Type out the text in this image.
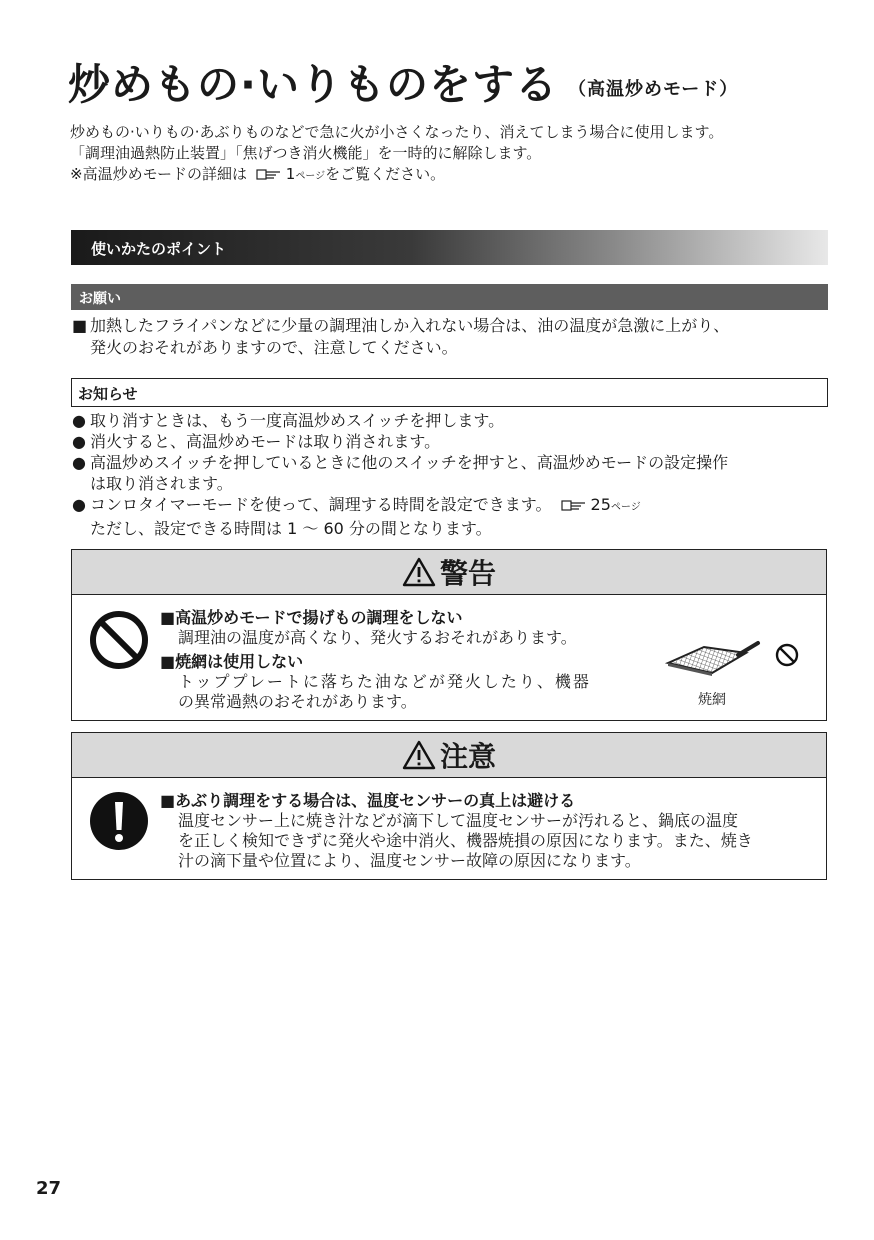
炒めもの·いりものをする （高温炒めモード）
炒めもの·いりもの·あぶりものなどで急に火が小さくなったり、消えてしまう場合に使用します。
「調理油過熱防止装置」「焦げつき消火機能」を一時的に解除します。
※高温炒めモードの詳細は	1ページをご覧ください。
使いかたのポイント
お願い
■ 加熱したフライパンなどに少量の調理油しか入れない場合は、油の温度が急激に上がり、
発火のおそれがありますので、注意してください。
お知らせ
● 取り消すときは、もう一度高温炒めスイッチを押します。
● 消火すると、高温炒めモードは取り消されます。
● 高温炒めスイッチを押しているときに他のスイッチを押すと、高温炒めモードの設定操作
は取り消されます。
● コンロタイマーモードを使って、調理する時間を設定できます。 25ページ
ただし、設定できる時間は 1 ～ 60 分の間となります。
警告
■高温炒めモードで揚げもの調理をしない
調理油の温度が高くなり、発火するおそれがあります。
■焼網は使用しない
トッププレートに落ちた油などが発火したり、機器
の異常過熱のおそれがあります。	焼網
注意
■あぶり調理をする場合は、温度センサーの真上は避ける
温度センサー上に焼き汁などが滴下して温度センサーが汚れると、鍋底の温度
を正しく検知できずに発火や途中消火、機器焼損の原因になります。また、焼き
汁の滴下量や位置により、温度センサー故障の原因になります。
27
